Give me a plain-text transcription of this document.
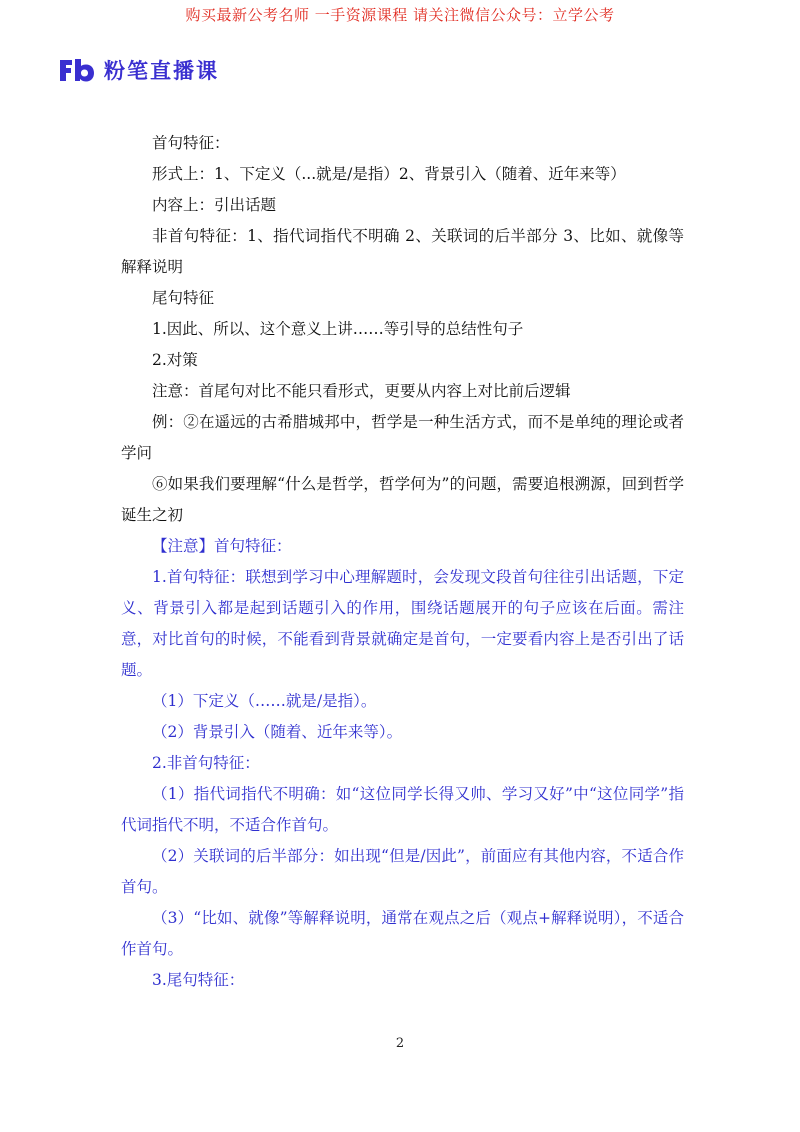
购买最新公考名师 一手资源课程 请关注微信公众号：立学公考
粉笔直播课

首句特征：

形式上：1、下定义（...就是/是指）2、背景引入（随着、近年来等）

内容上：引出话题

非首句特征：1、指代词指代不明确 2、关联词的后半部分 3、比如、就像等解释说明

尾句特征

1.因此、所以、这个意义上讲……等引导的总结性句子

2.对策

注意：首尾句对比不能只看形式，更要从内容上对比前后逻辑

例：②在遥远的古希腊城邦中，哲学是一种生活方式，而不是单纯的理论或者学问

⑥如果我们要理解“什么是哲学，哲学何为”的问题，需要追根溯源，回到哲学诞生之初

【注意】首句特征：

1.首句特征：联想到学习中心理解题时，会发现文段首句往往引出话题，下定义、背景引入都是起到话题引入的作用，围绕话题展开的句子应该在后面。需注意，对比首句的时候，不能看到背景就确定是首句，一定要看内容上是否引出了话题。

（1）下定义（……就是/是指）。

（2）背景引入（随着、近年来等）。

2.非首句特征：

（1）指代词指代不明确：如“这位同学长得又帅、学习又好”中“这位同学”指代词指代不明，不适合作首句。

（2）关联词的后半部分：如出现“但是/因此”，前面应有其他内容，不适合作首句。

（3）“比如、就像”等解释说明，通常在观点之后（观点+解释说明），不适合作首句。

3.尾句特征：

2
